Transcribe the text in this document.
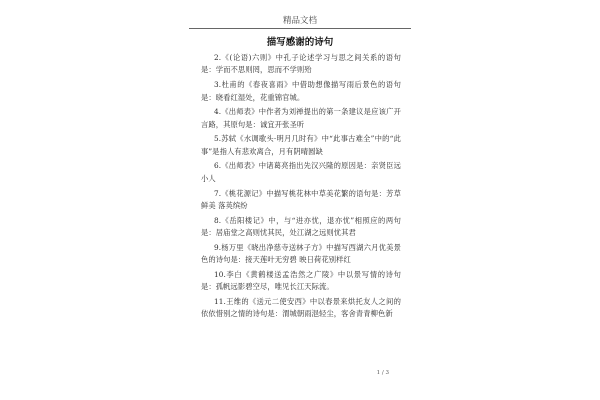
精品文档
描写感谢的诗句

2.《(论语)六则》中孔子论述学习与思之间关系的语句是：学而不思则罔，思而不学则殆

3.杜甫的《春夜喜雨》中借助想像描写雨后景色的语句是：晓看红湿处，花重锦官城。

4.《出师表》中作者为刘禅提出的第一条建议是应该广开言路，其原句是：诚宜开张圣听

5.苏轼《水调歌头·明月几时有》中“此事古难全”中的“此事”是指人有悲欢离合，月有阴晴圆缺

6.《出师表》中诸葛亮指出先汉兴隆的原因是：亲贤臣远小人

7.《桃花源记》中描写桃花林中草美花繁的语句是：芳草鲜美 落英缤纷

8.《岳阳楼记》中，与“进亦忧，退亦忧”相照应的两句是：居庙堂之高则忧其民，处江湖之远则忧其君

9.杨万里《晓出净慈寺送林子方》中描写西湖六月优美景色的诗句是：接天莲叶无穷碧 映日荷花别样红

10.李白《黄鹤楼送孟浩然之广陵》中以景写情的诗句是：孤帆远影碧空尽，唯见长江天际流。

11.王维的《送元二使安西》中以春景来烘托友人之间的依依惜别之情的诗句是：渭城朝雨浥轻尘，客舍青青柳色新

1 / 3
